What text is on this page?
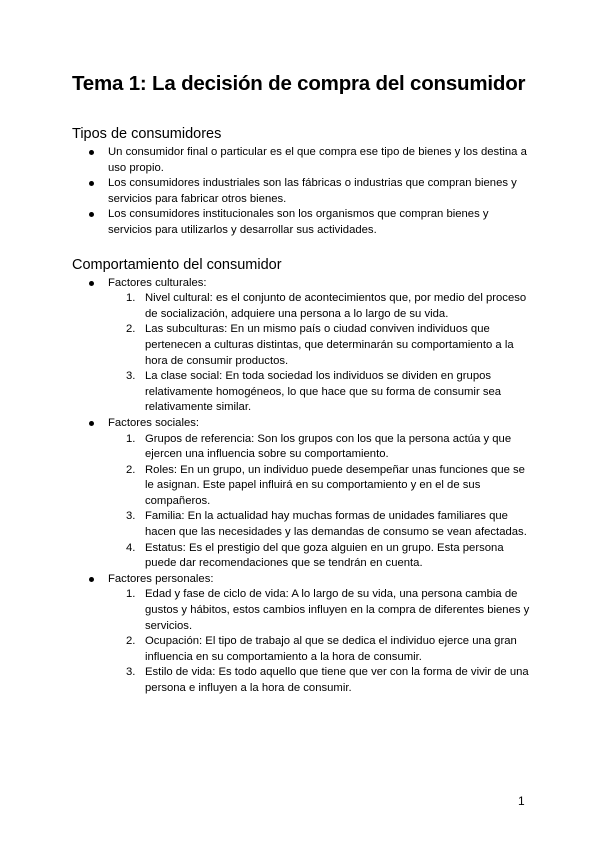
Tema 1: La decisión de compra del consumidor
Tipos de consumidores
Un consumidor final o particular es el que compra ese tipo de bienes y los destina a uso propio.
Los consumidores industriales son las fábricas o industrias que compran bienes y servicios para fabricar otros bienes.
Los consumidores institucionales son los organismos que compran bienes y servicios para utilizarlos y desarrollar sus actividades.
Comportamiento del consumidor
Factores culturales:
1. Nivel cultural: es el conjunto de acontecimientos que, por medio del proceso de socialización, adquiere una persona a lo largo de su vida.
2. Las subculturas: En un mismo país o ciudad conviven individuos que pertenecen a culturas distintas, que determinarán su comportamiento a la hora de consumir productos.
3. La clase social: En toda sociedad los individuos se dividen en grupos relativamente homogéneos, lo que hace que su forma de consumir sea relativamente similar.
Factores sociales:
1. Grupos de referencia: Son los grupos con los que la persona actúa y que ejercen una influencia sobre su comportamiento.
2. Roles: En un grupo, un individuo puede desempeñar unas funciones que se le asignan. Este papel influirá en su comportamiento y en el de sus compañeros.
3. Familia: En la actualidad hay muchas formas de unidades familiares que hacen que las necesidades y las demandas de consumo se vean afectadas.
4. Estatus: Es el prestigio del que goza alguien en un grupo. Esta persona puede dar recomendaciones que se tendrán en cuenta.
Factores personales:
1. Edad y fase de ciclo de vida: A lo largo de su vida, una persona cambia de gustos y hábitos, estos cambios influyen en la compra de diferentes bienes y servicios.
2. Ocupación: El tipo de trabajo al que se dedica el individuo ejerce una gran influencia en su comportamiento a la hora de consumir.
3. Estilo de vida: Es todo aquello que tiene que ver con la forma de vivir de una persona e influyen a la hora de consumir.
1
